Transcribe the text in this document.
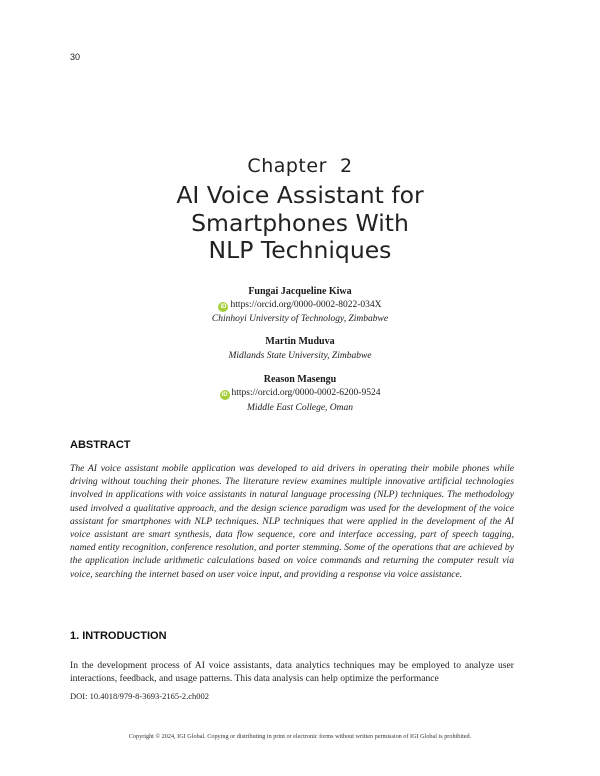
30
Chapter  2
AI Voice Assistant for
Smartphones With
NLP Techniques
Fungai Jacqueline Kiwa
iD https://orcid.org/0000-0002-8022-034X
Chinhoyi University of Technology, Zimbabwe
Martin Muduva
Midlands State University, Zimbabwe
Reason Masengu
iD https://orcid.org/0000-0002-6200-9524
Middle East College, Oman
ABSTRACT
The AI voice assistant mobile application was developed to aid drivers in operating their mobile phones while driving without touching their phones. The literature review examines multiple innovative artificial technologies involved in applications with voice assistants in natural language processing (NLP) techniques. The methodology used involved a qualitative approach, and the design science paradigm was used for the development of the voice assistant for smartphones with NLP techniques. NLP techniques that were applied in the development of the AI voice assistant are smart synthesis, data flow sequence, core and interface accessing, part of speech tagging, named entity recognition, conference resolution, and porter stemming. Some of the operations that are achieved by the application include arithmetic calculations based on voice commands and returning the computer result via voice, searching the internet based on user voice input, and providing a response via voice assistance.
1. INTRODUCTION
In the development process of AI voice assistants, data analytics techniques may be employed to analyze user interactions, feedback, and usage patterns. This data analysis can help optimize the performance
DOI: 10.4018/979-8-3693-2165-2.ch002
Copyright © 2024, IGI Global. Copying or distributing in print or electronic forms without written permission of IGI Global is prohibited.
